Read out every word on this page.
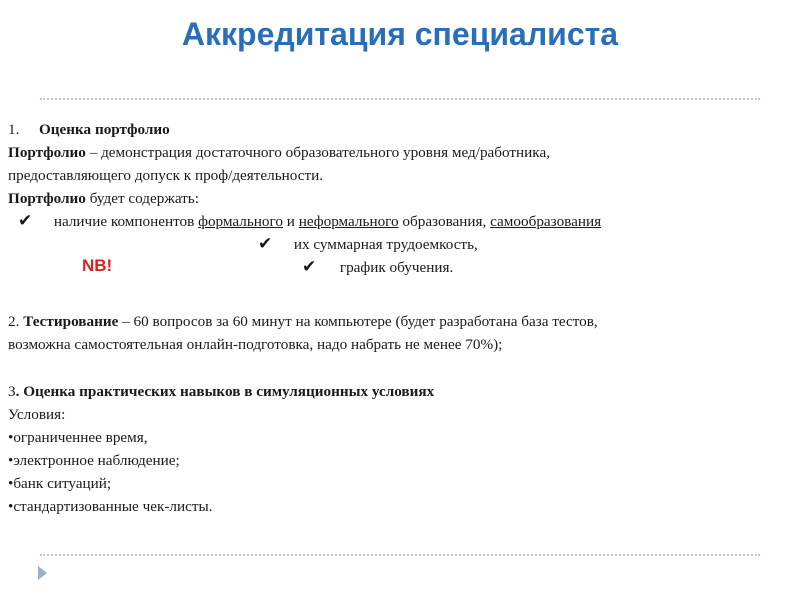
Аккредитация специалиста
1. Оценка портфолио
Портфолио – демонстрация достаточного образовательного уровня мед/работника,
предоставляющего допуск к проф/деятельности.
Портфолио будет содержать:
✔ наличие компонентов формального и неформального образования, самообразования
✔ их суммарная трудоемкость,
✔ график обучения.
2. Тестирование – 60 вопросов за 60 минут на компьютере (будет разработана база тестов,
возможна самостоятельная онлайн-подготовка, надо набрать не менее 70%);
3. Оценка практических навыков в симуляционных условиях
Условия:
•ограниченнее время,
•электронное наблюдение;
•банк ситуаций;
•стандартизованные чек-листы.
NB!
